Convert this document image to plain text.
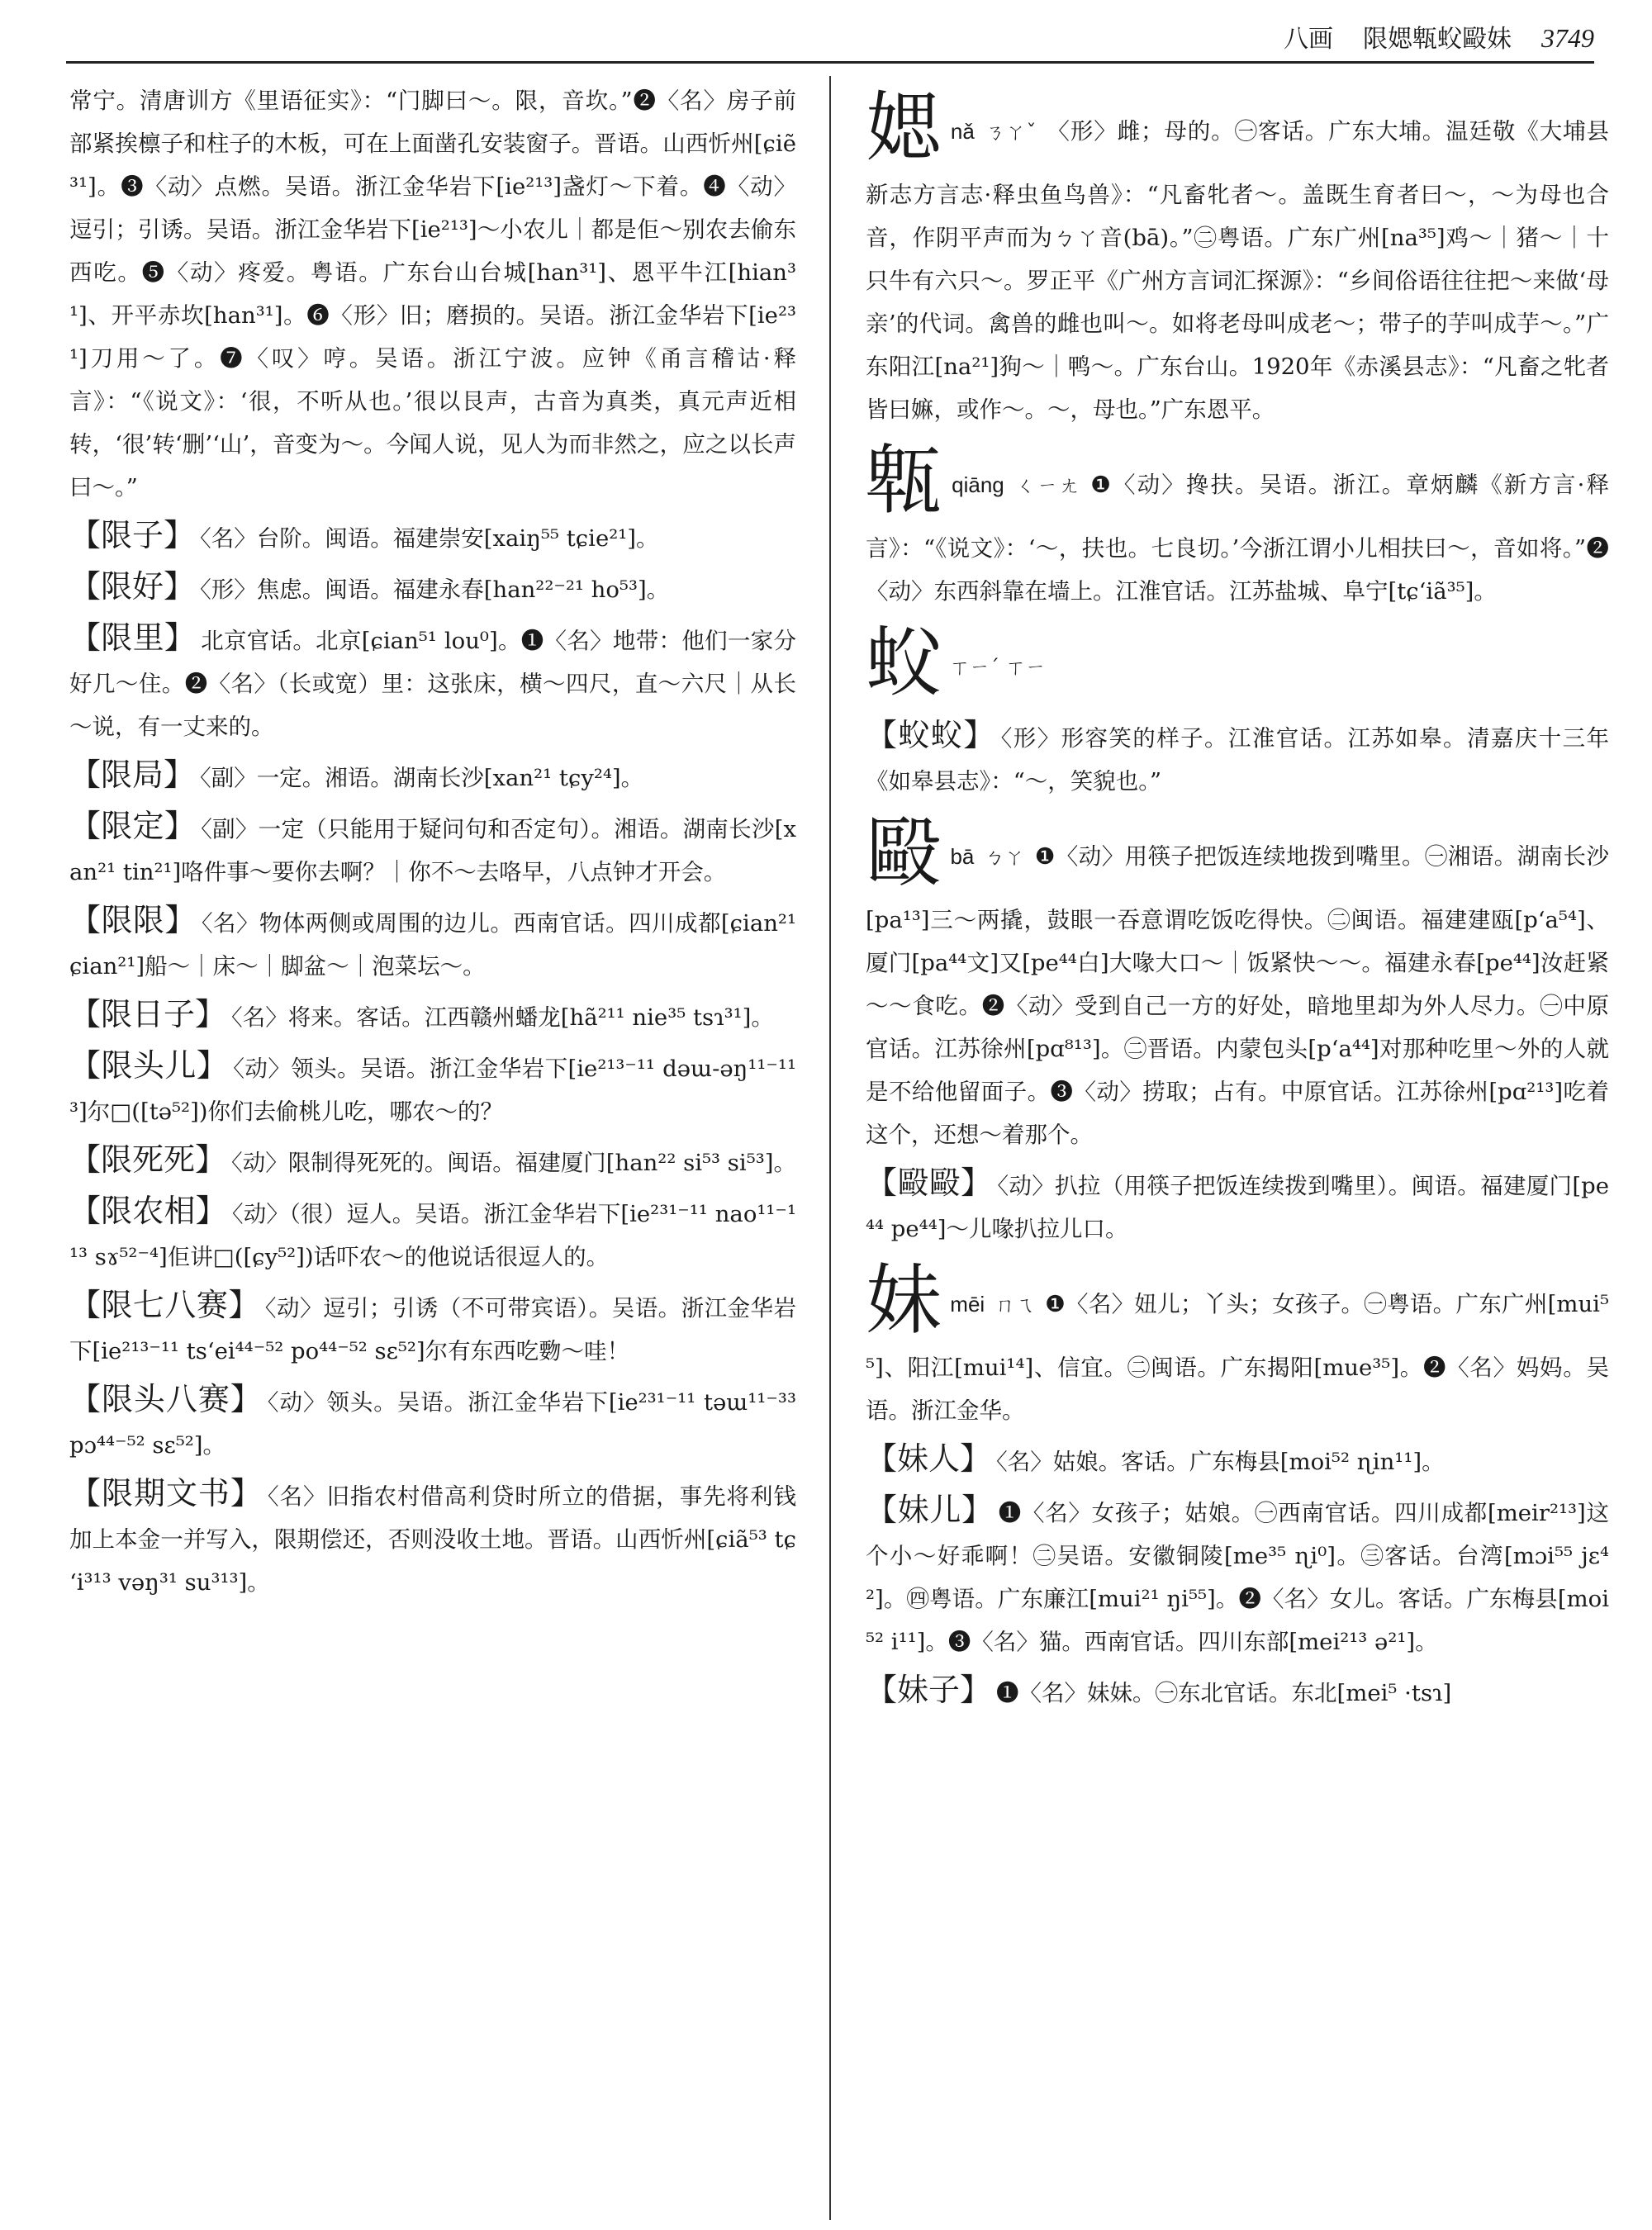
八画 限媤㼰蚥毆妹 3749

常宁。清唐训方《里语征实》：“门脚曰～。限，音坎。”❷〈名〉房子前部紧挨檩子和柱子的木板，可在上面凿孔安装窗子。晋语。山西忻州[ɕiẽ³¹]。❸〈动〉点燃。吴语。浙江金华岩下[ie²¹³]盏灯～下着。❹〈动〉逗引；引诱。吴语。浙江金华岩下[ie²¹³]～小农儿｜都是佢～别农去偷东西吃。❺〈动〉疼爱。粤语。广东台山台城[han³¹]、恩平牛江[hian³¹]、开平赤坎[han³¹]。❻〈形〉旧；磨损的。吴语。浙江金华岩下[ie²³¹]刀用～了。❼〈叹〉哼。吴语。浙江宁波。应钟《甬言稽诂·释言》：“《说文》：‘很，不听从也。’很以艮声，古音为真类，真元声近相转，‘很’转‘删’‘山’，音变为～。今闻人说，见人为而非然之，应之以长声曰～。”

【限子】 〈名〉台阶。闽语。福建崇安[xaiŋ⁵⁵ tɕie²¹]。

【限好】 〈形〉焦虑。闽语。福建永春[han²²⁻²¹ ho⁵³]。

【限里】 北京官话。北京[ɕian⁵¹ lou⁰]。❶〈名〉地带：他们一家分好几～住。❷〈名〉（长或宽）里：这张床，横～四尺，直～六尺｜从长～说，有一丈来的。

【限局】 〈副〉一定。湘语。湖南长沙[xan²¹ tɕy²⁴]。

【限定】 〈副〉一定（只能用于疑问句和否定句）。湘语。湖南长沙[xan²¹ tin²¹]咯件事～要你去啊？｜你不～去咯早，八点钟才开会。

【限限】 〈名〉物体两侧或周围的边儿。西南官话。四川成都[ɕian²¹ ɕian²¹]船～｜床～｜脚盆～｜泡菜坛～。

【限日子】 〈名〉将来。客话。江西赣州蟠龙[hã²¹¹ nie³⁵ tsɿ³¹]。

【限头儿】 〈动〉领头。吴语。浙江金华岩下[ie²¹³⁻¹¹ dəɯ-əŋ¹¹⁻¹¹³]尔□([tə⁵²])你们去偷桃儿吃，哪农～的？

【限死死】 〈动〉限制得死死的。闽语。福建厦门[han²² si⁵³ si⁵³]。

【限农相】 〈动〉（很）逗人。吴语。浙江金华岩下[ie²³¹⁻¹¹ nao¹¹⁻¹¹³ sɤ⁵²⁻⁴]佢讲□([ɕy⁵²])话吓农～的他说话很逗人的。

【限七八赛】 〈动〉逗引；引诱（不可带宾语）。吴语。浙江金华岩下[ie²¹³⁻¹¹ tsʻei⁴⁴⁻⁵² po⁴⁴⁻⁵² sɛ⁵²]尔有东西吃覅～哇！

【限头八赛】 〈动〉领头。吴语。浙江金华岩下[ie²³¹⁻¹¹ təɯ¹¹⁻³³ pɔ⁴⁴⁻⁵² sɛ⁵²]。

【限期文书】 〈名〉旧指农村借高利贷时所立的借据，事先将利钱加上本金一并写入，限期偿还，否则没收土地。晋语。山西忻州[ɕiã⁵³ tɕʻi³¹³ vəŋ³¹ su³¹³]。

媤nǎ ㄋㄚˇ 〈形〉雌；母的。㊀客话。广东大埔。温廷敬《大埔县新志方言志·释虫鱼鸟兽》：“凡畜牝者～。盖既生育者曰～，～为母也合音，作阴平声而为ㄅㄚ音(bā)。”㊁粤语。广东广州[na³⁵]鸡～｜猪～｜十只牛有六只～。罗正平《广州方言词汇探源》：“乡间俗语往往把～来做‘母亲’的代词。禽兽的雌也叫～。如将老母叫成老～；带子的芋叫成芋～。”广东阳江[na²¹]狗～｜鸭～。广东台山。1920年《赤溪县志》：“凡畜之牝者皆曰嫲，或作～。～，母也。”广东恩平。

㼰qiāng ㄑㄧㄤ ❶〈动〉搀扶。吴语。浙江。章炳麟《新方言·释言》：“《说文》：‘～，扶也。七良切。’今浙江谓小儿相扶曰～，音如将。”❷〈动〉东西斜靠在墙上。江淮官话。江苏盐城、阜宁[tɕʻiã³⁵]。

蚥ㄒㄧˊ ㄒㄧ

【蚥蚥】 〈形〉形容笑的样子。江淮官话。江苏如皋。清嘉庆十三年《如皋县志》：“～，笑貌也。”

毆bā ㄅㄚ ❶〈动〉用筷子把饭连续地拨到嘴里。㊀湘语。湖南长沙[pa¹³]三～两撬，鼓眼一吞意谓吃饭吃得快。㊁闽语。福建建瓯[pʻa⁵⁴]、厦门[pa⁴⁴文]又[pe⁴⁴白]大喙大口～｜饭紧快～～。福建永春[pe⁴⁴]汝赶紧～～食吃。❷〈动〉受到自己一方的好处，暗地里却为外人尽力。㊀中原官话。江苏徐州[pɑ⁸¹³]。㊁晋语。内蒙包头[pʻa⁴⁴]对那种吃里～外的人就是不给他留面子。❸〈动〉捞取；占有。中原官话。江苏徐州[pɑ²¹³]吃着这个，还想～着那个。

【毆毆】 〈动〉扒拉（用筷子把饭连续拨到嘴里）。闽语。福建厦门[pe⁴⁴ pe⁴⁴]～儿喙扒拉儿口。

妹mēi ㄇㄟ ❶〈名〉妞儿；丫头；女孩子。㊀粤语。广东广州[mui⁵⁵]、阳江[mui¹⁴]、信宜。㊁闽语。广东揭阳[mue³⁵]。❷〈名〉妈妈。吴语。浙江金华。

【妹人】 〈名〉姑娘。客话。广东梅县[moi⁵² ɳin¹¹]。

【妹儿】 ❶〈名〉女孩子；姑娘。㊀西南官话。四川成都[meir²¹³]这个小～好乖啊！㊁吴语。安徽铜陵[me³⁵ ɳi⁰]。㊂客话。台湾[mɔi⁵⁵ jɛ⁴²]。㊃粤语。广东廉江[mui²¹ ŋi⁵⁵]。❷〈名〉女儿。客话。广东梅县[moi⁵² i¹¹]。❸〈名〉猫。西南官话。四川东部[mei²¹³ ə²¹]。

【妹子】 ❶〈名〉妹妹。㊀东北官话。东北[mei⁵ ·tsɿ]
